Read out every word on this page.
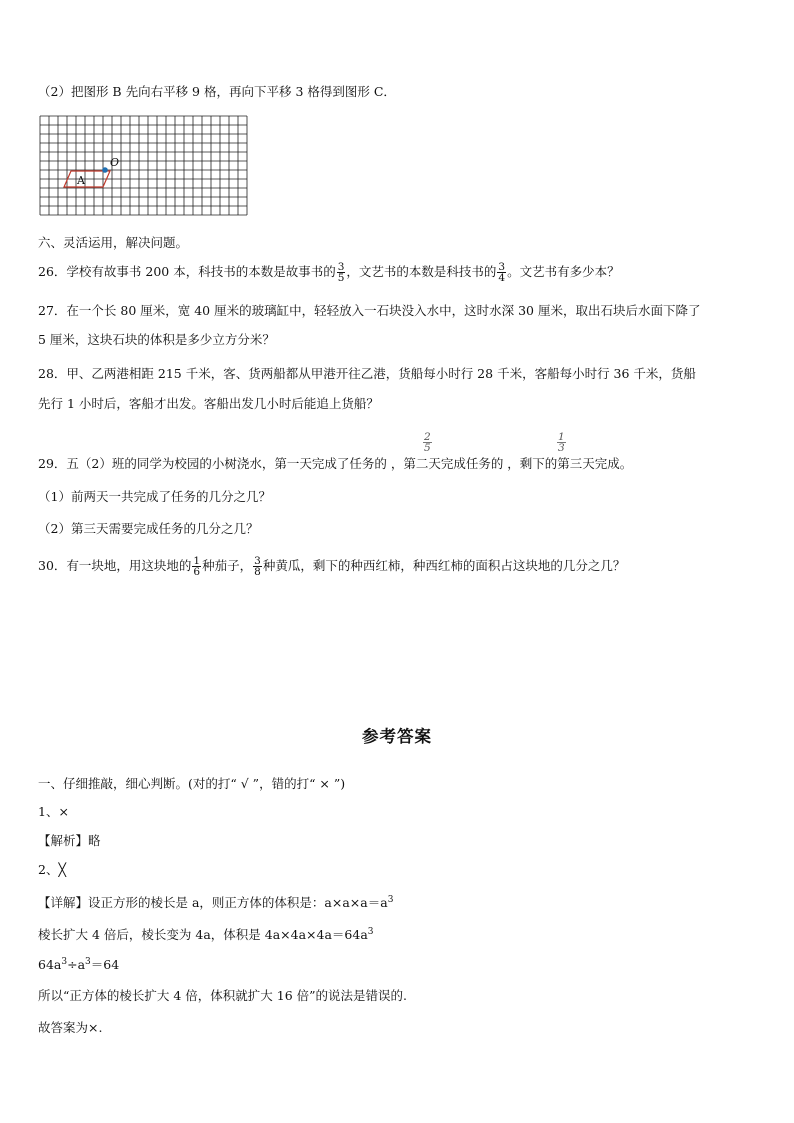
（2）把图形 B 先向右平移 9 格，再向下平移 3 格得到图形 C．
O
A
六、灵活运用，解决问题。
26．学校有故事书 200 本，科技书的本数是故事书的 $\frac{3}{5}$ ，文艺书的本数是科技书的 $\frac{3}{4}$ 。文艺书有多少本？
27．在一个长 80 厘米，宽 40 厘米的玻璃缸中，轻轻放入一石块没入水中，这时水深 30 厘米，取出石块后水面下降了
5 厘米，这块石块的体积是多少立方分米？
28．甲、乙两港相距 215 千米，客、货两船都从甲港开往乙港，货船每小时行 28 千米，客船每小时行 36 千米，货船
先行 1 小时后，客船才出发。客船出发几小时后能追上货船？
$\frac{2}{5}$	$\frac{1}{3}$
29．五（2）班的同学为校园的小树浇水，第一天完成了任务的 ，第二天完成任务的 ，剩下的第三天完成。
（1）前两天一共完成了任务的几分之几？
（2）第三天需要完成任务的几分之几？
30．有一块地，用这块地的 $\frac{1}{6}$ 种茄子， $\frac{3}{8}$ 种黄瓜，剩下的种西红柿，种西红柿的面积占这块地的几分之几？
参考答案
一、仔细推敲，细心判断。(对的打“ √ ”，错的打“ × ”)
1、×
【解析】略
2、╳
【详解】设正方形的棱长是 a，则正方体的体积是：$a\times a\times a=a^3$
棱长扩大 4 倍后，棱长变为 4a，体积是 $4a\times 4a\times 4a=64a^3$
$64a^3\div a^3=64$
所以“正方体的棱长扩大 4 倍，体积就扩大 16 倍”的说法是错误的.
故答案为×.
